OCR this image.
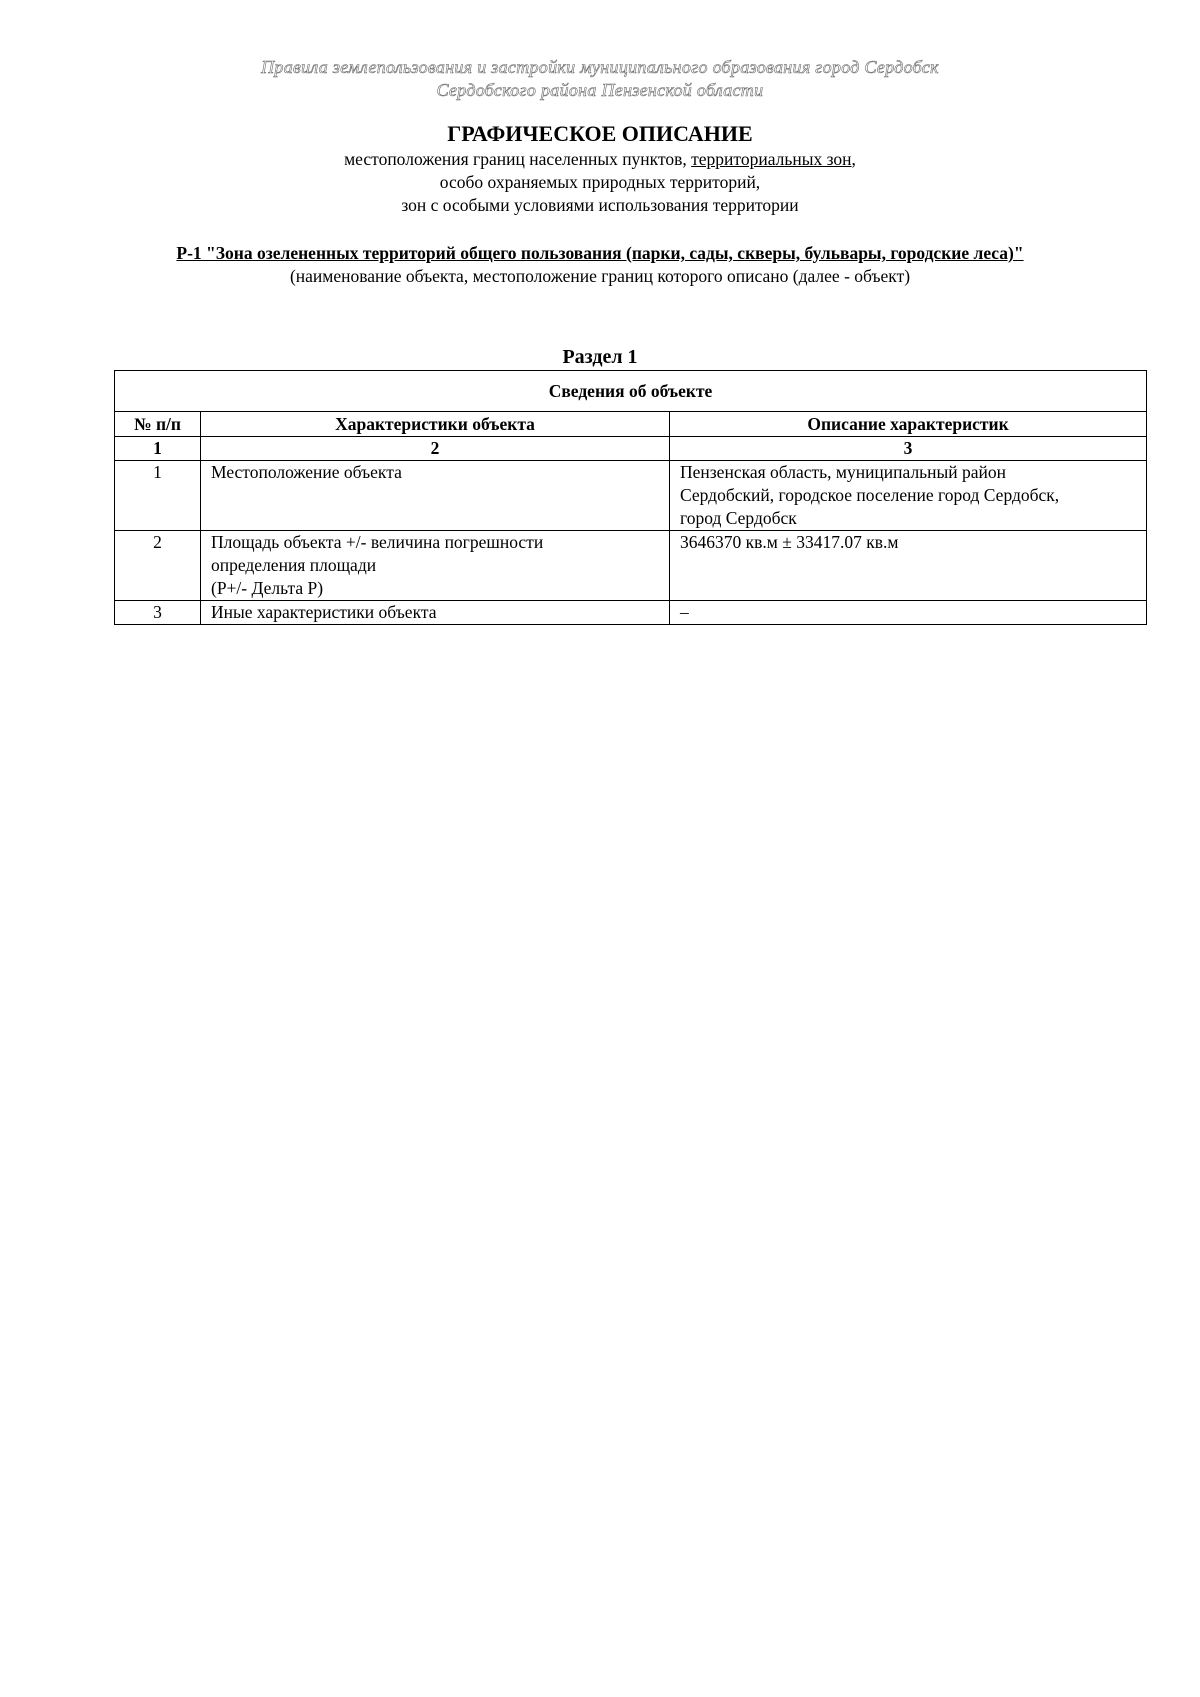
Правила землепользования и застройки муниципального образования город Сердобск
Сердобского района Пензенской области
ГРАФИЧЕСКОЕ ОПИСАНИЕ
местоположения границ населенных пунктов, территориальных зон,
особо охраняемых природных территорий,
зон с особыми условиями использования территории
Р-1 "Зона озелененных территорий общего пользования (парки, сады, скверы, бульвары, городские леса)"
(наименование объекта, местоположение границ которого описано (далее - объект)
Раздел 1
Сведения об объекте		
№ п/п	Характеристики объекта	Описание характеристик
1	2	3
1	Местоположение объекта	Пензенская область, муниципальный район
Сердобский, городское поселение город Сердобск,
город Сердобск

2	Площадь объекта +/- величина погрешности
определения площади
(Р+/- Дельта Р)	3646370 кв.м ± 33417.07 кв.м

3	Иные характеристики объекта	–
